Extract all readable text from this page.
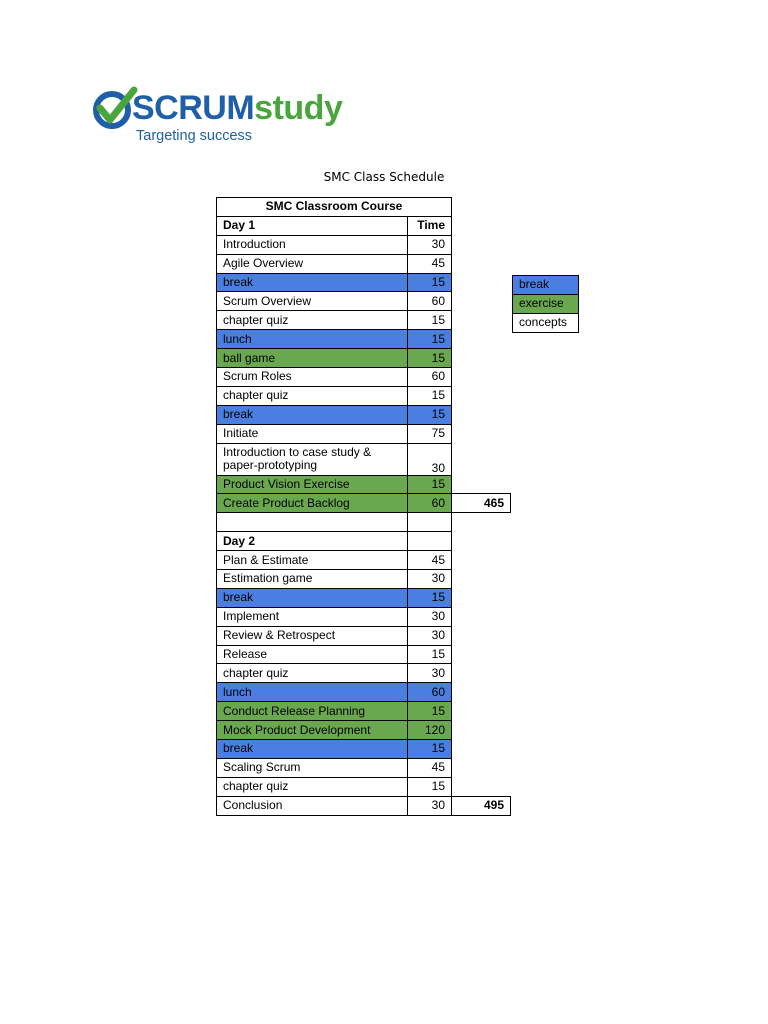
SCRUMstudy
Targeting success
SMC Class Schedule
SMC Classroom Course		
Day 1	Time	
Introduction	30	
Agile Overview	45	
break	15	
Scrum Overview	60	
chapter quiz	15	
lunch	15	
ball game	15	
Scrum Roles	60	
chapter quiz	15	
break	15	
Initiate	75	
Introduction to case study & paper-prototyping	30	
Product Vision Exercise	15	
Create Product Backlog	60	465

Day 2		
Plan & Estimate	45	
Estimation game	30	
break	15	
Implement	30	
Review & Retrospect	30	
Release	15	
chapter quiz	30	
lunch	60	
Conduct Release Planning	15	
Mock Product Development	120	
break	15	
Scaling Scrum	45	
chapter quiz	15	
Conclusion	30	495
break
exercise
concepts
